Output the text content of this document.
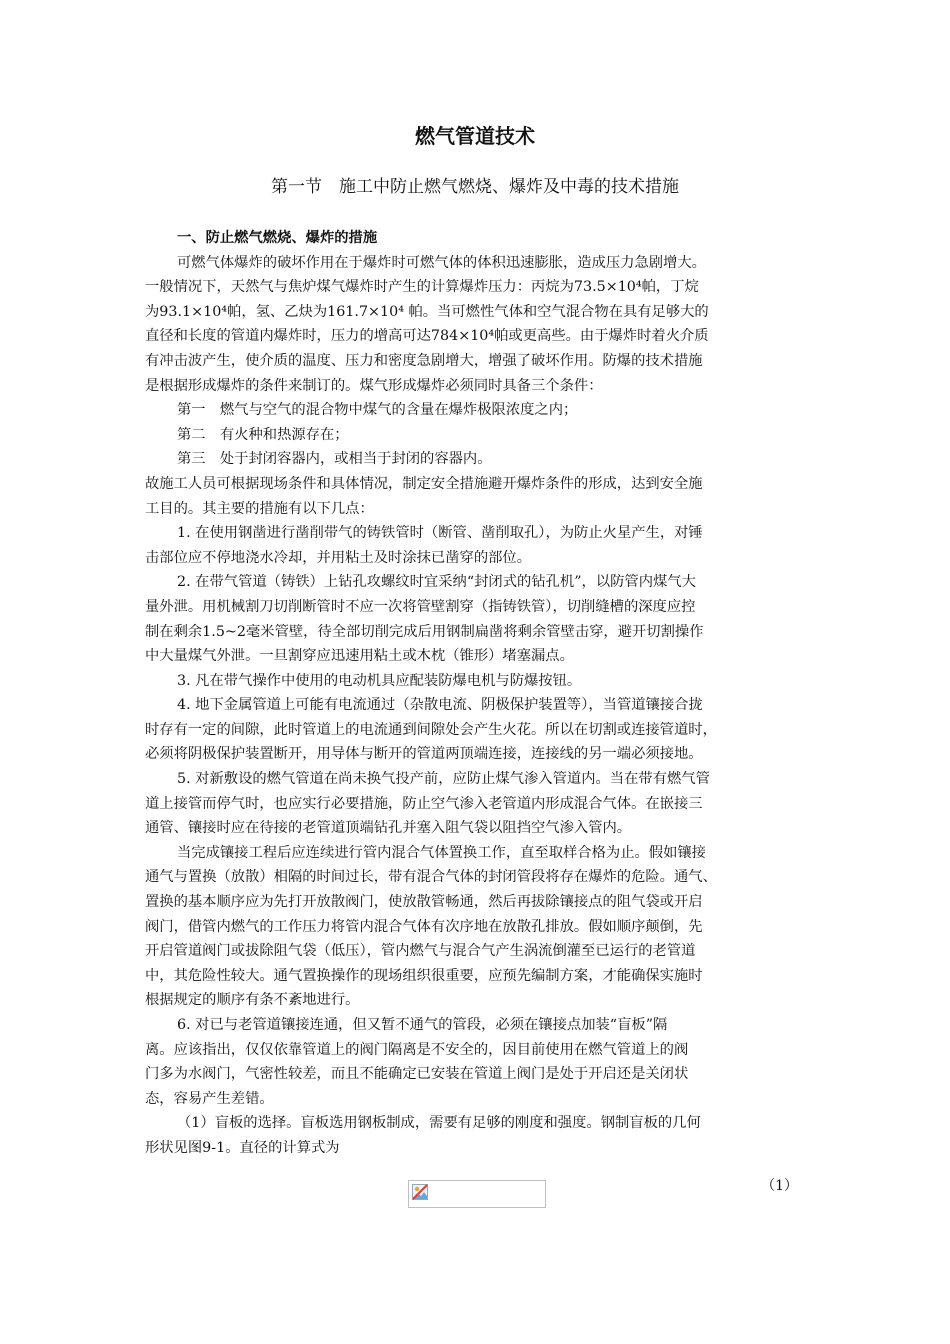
燃气管道技术
第一节　施工中防止燃气燃烧、爆炸及中毒的技术措施

一、防止燃气燃烧、爆炸的措施

可燃气体爆炸的破坏作用在于爆炸时可燃气体的体积迅速膨胀，造成压力急剧增大。

一般情况下，天然气与焦炉煤气爆炸时产生的计算爆炸压力：丙烷为73.5×10⁴帕，丁烷

为93.1×10⁴帕，氢、乙炔为161.7×10⁴ 帕。当可燃性气体和空气混合物在具有足够大的

直径和长度的管道内爆炸时，压力的增高可达784×10⁴帕或更高些。由于爆炸时着火介质

有冲击波产生，使介质的温度、压力和密度急剧增大，增强了破坏作用。防爆的技术措施

是根据形成爆炸的条件来制订的。煤气形成爆炸必须同时具备三个条件：

第一　燃气与空气的混合物中煤气的含量在爆炸极限浓度之内；

第二　有火种和热源存在；

第三　处于封闭容器内，或相当于封闭的容器内。

故施工人员可根据现场条件和具体情况，制定安全措施避开爆炸条件的形成，达到安全施

工目的。其主要的措施有以下几点：

1. 在使用钢凿进行凿削带气的铸铁管时（断管、凿削取孔），为防止火星产生，对锤

击部位应不停地浇水冷却，并用粘土及时涂抹已凿穿的部位。

2. 在带气管道（铸铁）上钻孔攻螺纹时宜采纳“封闭式的钻孔机”，以防管内煤气大

量外泄。用机械割刀切削断管时不应一次将管壁割穿（指铸铁管），切削缝槽的深度应控

制在剩余1.5~2毫米管壁，待全部切削完成后用钢制扁凿将剩余管壁击穿，避开切割操作

中大量煤气外泄。一旦割穿应迅速用粘土或木枕（锥形）堵塞漏点。

3. 凡在带气操作中使用的电动机具应配装防爆电机与防爆按钮。

4. 地下金属管道上可能有电流通过（杂散电流、阴极保护装置等），当管道镶接合拢

时存有一定的间隙，此时管道上的电流通到间隙处会产生火花。所以在切割或连接管道时，

必须将阴极保护装置断开，用导体与断开的管道两顶端连接，连接线的另一端必须接地。

5. 对新敷设的燃气管道在尚未换气投产前，应防止煤气渗入管道内。当在带有燃气管

道上接管而停气时，也应实行必要措施，防止空气渗入老管道内形成混合气体。在嵌接三

通管、镶接时应在待接的老管道顶端钻孔并塞入阻气袋以阻挡空气渗入管内。

当完成镶接工程后应连续进行管内混合气体置换工作，直至取样合格为止。假如镶接

通气与置换（放散）相隔的时间过长，带有混合气体的封闭管段将存在爆炸的危险。通气、

置换的基本顺序应为先打开放散阀门，使放散管畅通，然后再拔除镶接点的阻气袋或开启

阀门，借管内燃气的工作压力将管内混合气体有次序地在放散孔排放。假如顺序颠倒，先

开启管道阀门或拔除阻气袋（低压），管内燃气与混合气产生涡流倒灌至已运行的老管道

中，其危险性较大。通气置换操作的现场组织很重要，应预先编制方案，才能确保实施时

根据规定的顺序有条不紊地进行。

6. 对已与老管道镶接连通，但又暂不通气的管段，必须在镶接点加装“盲板”隔

离。应该指出，仅仅依靠管道上的阀门隔离是不安全的，因目前使用在燃气管道上的阀

门多为水阀门，气密性较差，而且不能确定已安装在管道上阀门是处于开启还是关闭状

态，容易产生差错。

（1）盲板的选择。盲板选用钢板制成，需要有足够的刚度和强度。钢制盲板的几何

形状见图9-1。直径的计算式为

（1）
